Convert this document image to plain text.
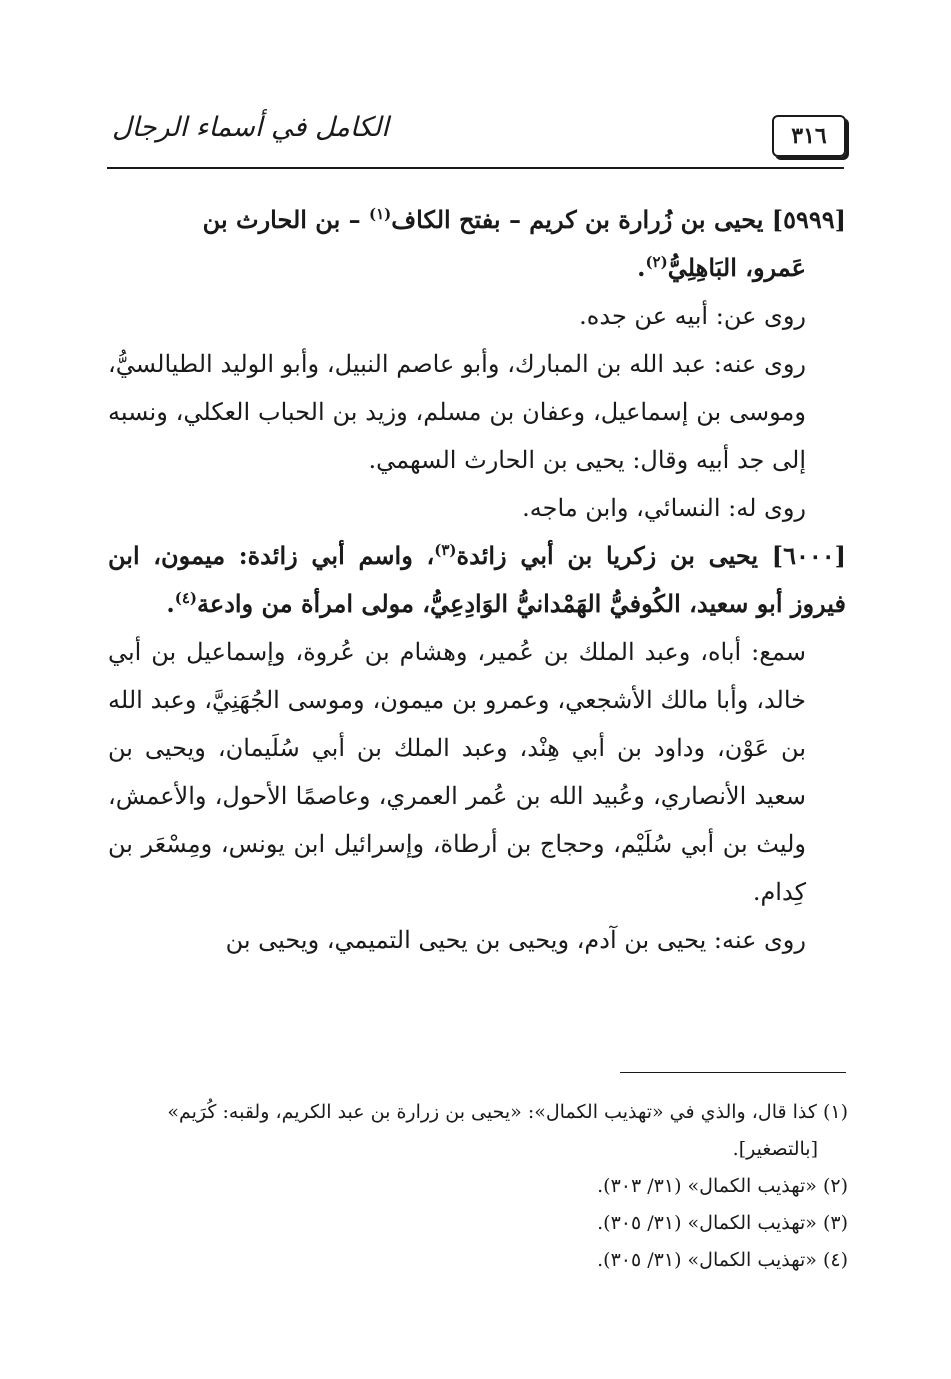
الكامل في أسماء الرجال	٣١٦

[٥٩٩٩] يحيى بن زُرارة بن كريم – بفتح الكاف$^{(١)}$ – بن الحارث بن

عَمرو، البَاهِلِيُّ$^{(٢)}$.

روى عن: أبيه عن جده.

روى عنه: عبد الله بن المبارك، وأبو عاصم النبيل، وأبو الوليد الطيالسيُّ، وموسى بن إسماعيل، وعفان بن مسلم، وزيد بن الحباب العكلي، ونسبه إلى جد أبيه وقال: يحيى بن الحارث السهمي.

روى له: النسائي، وابن ماجه.

[٦٠٠٠] يحيى بن زكريا بن أبي زائدة$^{(٣)}$، واسم أبي زائدة: ميمون، ابن فيروز أبو سعيد، الكُوفيُّ الهَمْدانيُّ الوَادِعِيُّ، مولى امرأة من وادعة$^{(٤)}$.

سمع: أباه، وعبد الملك بن عُمير، وهشام بن عُروة، وإسماعيل بن أبي خالد، وأبا مالك الأشجعي، وعمرو بن ميمون، وموسى الجُهَنِيَّ، وعبد الله بن عَوْن، وداود بن أبي هِنْد، وعبد الملك بن أبي سُلَيمان، ويحيى بن سعيد الأنصاري، وعُبيد الله بن عُمر العمري، وعاصمًا الأحول، والأعمش، وليث بن أبي سُلَيْم، وحجاج بن أرطاة، وإسرائيل ابن يونس، ومِسْعَر بن كِدام.

روى عنه: يحيى بن آدم، ويحيى بن يحيى التميمي، ويحيى بن

(١) كذا قال، والذي في «تهذيب الكمال»: «يحيى بن زرارة بن عبد الكريم، ولقبه: كُرَيم»

[بالتصغير].

(٢) «تهذيب الكمال» (٣١/ ٣٠٣).

(٣) «تهذيب الكمال» (٣١/ ٣٠٥).

(٤) «تهذيب الكمال» (٣١/ ٣٠٥).
